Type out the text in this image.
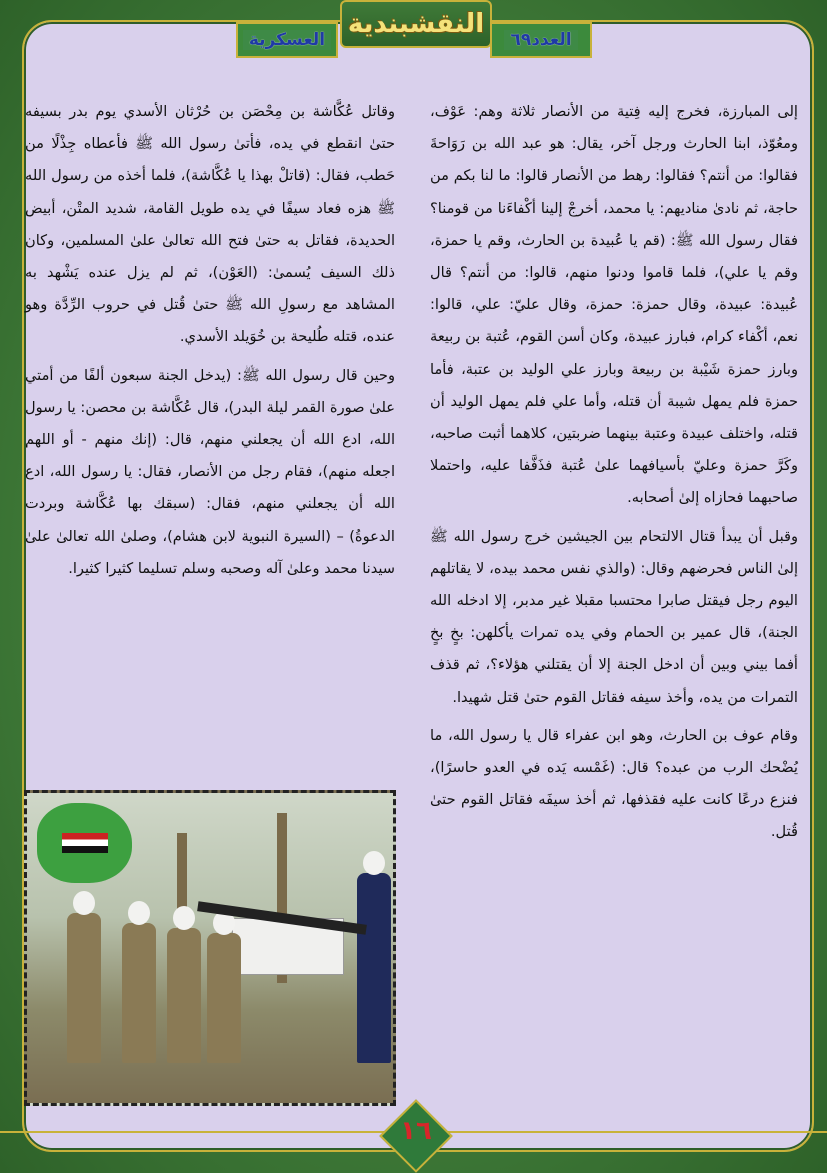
النقشبندية
العدد٦٩
العسكرية

إلى المبارزة، فخرج إليه فِتية من الأنصار ثلاثة وهم: عَوْف، ومعُوّذ، ابنا الحارث ورجل آخر، يقال: هو عبد الله بن رَوَاحةَ فقالوا: من أنتم؟ فقالوا: رهط من الأنصار قالوا: ما لنا بكم من حاجة، ثم نادىٰ مناديهم: يا محمد، أخرجْ إلينا أكْفاءَنا من قومنا؟ فقال رسول الله ﷺ: (قم يا عُبيدة بن الحارث، وقم يا حمزة، وقم يا علي)، فلما قاموا ودنوا منهم، قالوا: من أنتم؟ قال عُبيدة: عبيدة، وقال حمزة: حمزة، وقال عليّ: علي، قالوا: نعم، أكْفاء كرام، فبارز عبيدة، وكان أسن القوم، عُتبة بن ربيعة وبارز حمزة شَيْبة بن ربيعة وبارز علي الوليد بن عتبة، فأما حمزة فلم يمهل شيبة أن قتله، وأما علي فلم يمهل الوليد أن قتله، واختلف عبيدة وعتبة بينهما ضربتين، كلاهما أثبت صاحبه، وكَرَّ حمزة وعليّ بأسيافهما علىٰ عُتبة فذَفَّفا عليه، واحتملا صاحبهما فحازاه إلىٰ أصحابه.

وقبل أن يبدأ قتال الالتحام بين الجيشين خرج رسول الله ﷺ إلىٰ الناس فحرضهم وقال: (والذي نفس محمد بيده، لا يقاتلهم اليوم رجل فيقتل صابرا محتسبا مقبلا غير مدبر، إلا ادخله الله الجنة)، قال عمير بن الحمام وفي يده تمرات يأكلهن: بخٍ بخٍ أفما بيني وبين أن ادخل الجنة إلا أن يقتلني هؤلاء؟، ثم قذف التمرات من يده، وأخذ سيفه فقاتل القوم حتىٰ قتل شهيدا.

وقام عوف بن الحارث، وهو ابن عفراء قال يا رسول الله، ما يُضْحك الرب من عبده؟ قال: (غَمْسه يَده في العدو حاسرًا)، فنزع درعًا كانت عليه فقذفها، ثم أخذ سيفَه فقاتل القوم حتىٰ قُتل.

وقاتل عُكَّاشة بن مِحْصَن بن حُرْثان الأسدي يوم بدر بسيفه حتىٰ انقطع في يده، فأتىٰ رسول الله ﷺ فأعطاه جِذْلًا من حَطب، فقال: (قاتلْ بهذا يا عُكَّاشة)، فلما أخذه من رسول الله ﷺ هزه فعاد سيفًا في يده طويل القامة، شديد المتْن، أبيض الحديدة، فقاتل به حتىٰ فتح الله تعالىٰ علىٰ المسلمين، وكان ذلك السيف يُسمىٰ: (العَوْن)، ثم لم يزل عنده يَشْهد به المشاهد مع رسولِ الله ﷺ حتىٰ قُتل في حروب الرِّدَّة وهو عنده، قتله طُليحة بن خُوَيلد الأسدي.

وحين قال رسول الله ﷺ: (يدخل الجنة سبعون ألفًا من أمتي علىٰ صورة القمر ليلة البدر)، قال عُكَّاشة بن محصن: يا رسول الله، ادع الله أن يجعلني منهم، قال: (إنك منهم - أو اللهم اجعله منهم)، فقام رجل من الأنصار، فقال: يا رسول الله، ادع الله أن يجعلني منهم، فقال: (سبقك بها عُكَّاشة وبردت الدعوةُ) – (السيرة النبوية لابن هشام)، وصلىٰ الله تعالىٰ علىٰ سيدنا محمد وعلىٰ آله وصحبه وسلم تسليما كثيرا كثيرا.

١٦
